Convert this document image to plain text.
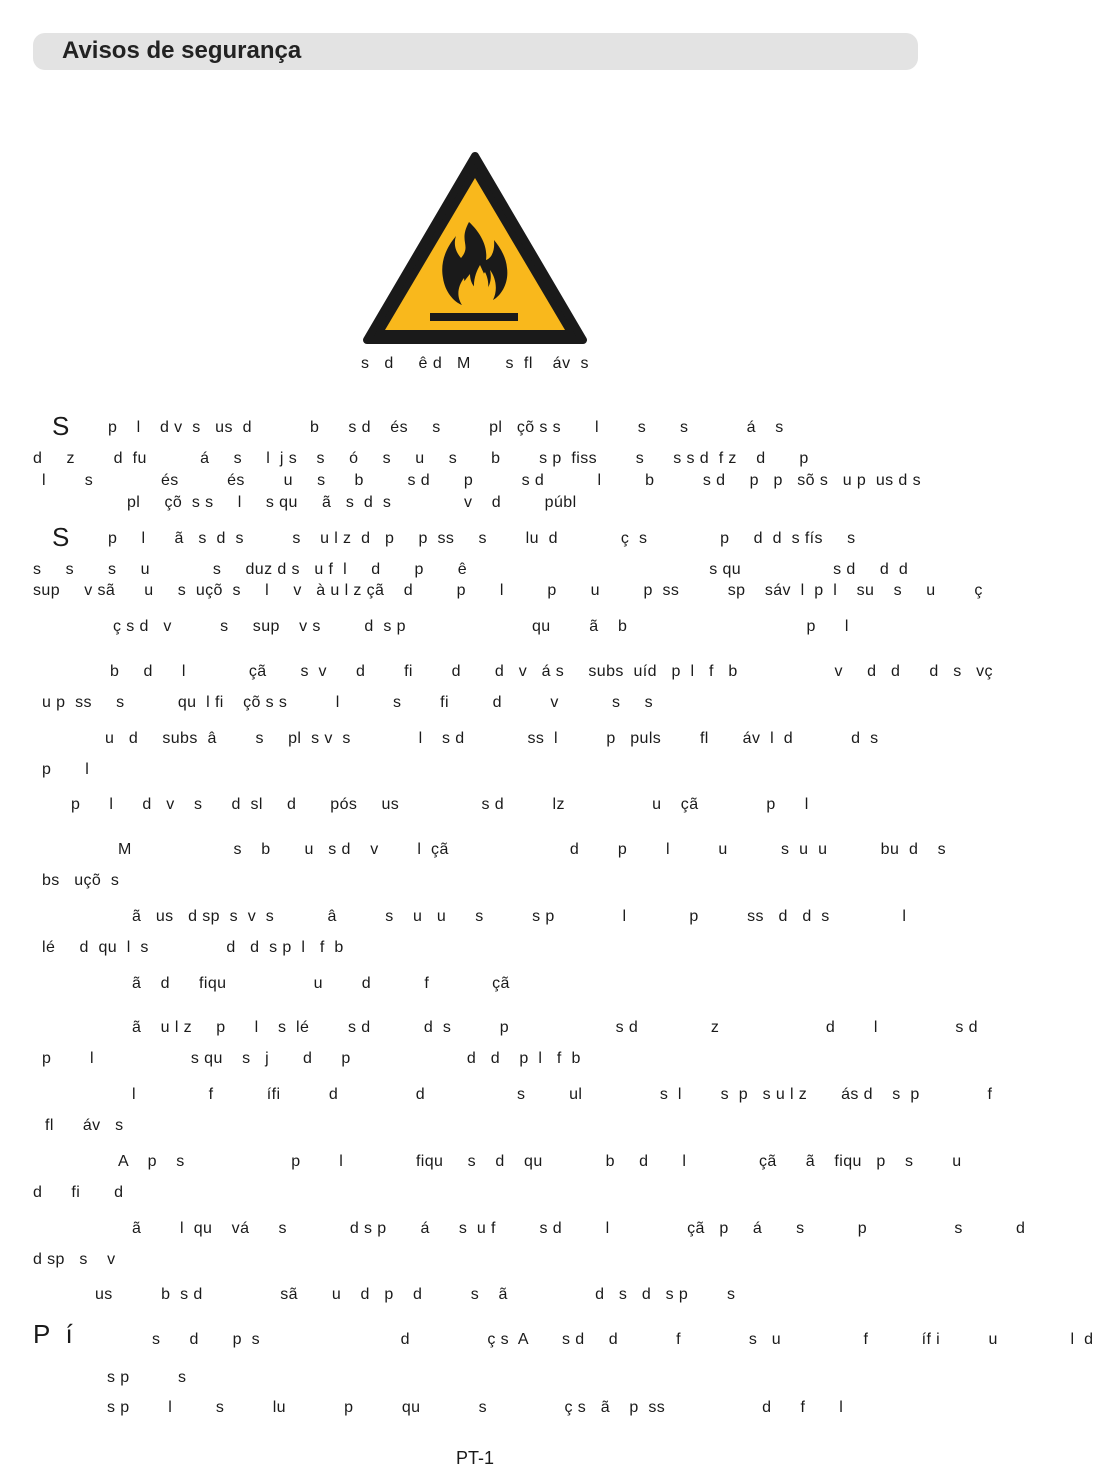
Avisos de segurança
s   d     ê d   M       s  fl    áv  s
S p    l    d v  s   us  d            b      s d    és     s          pl   çõ s s       l        s       s            á    s
d     z        d  fu           á     s     l  j s    s     ó     s     u     s       b        s p  fiss        s      s s d  f z    d       p
l        s              és          és        u     s      b         s d       p          s d           l         b          s d     p   p   sõ s   u p  us d s
pl     çõ  s s     l     s qu     ã   s  d  s               v    d         públ
S p     l      ã   s  d  s          s    u l z  d   p     p  ss     s        lu  d             ç  s               p     d  d  s fís     s
s     s       s     u             s     duz d s   u f  l     d       p       ê                                                  s qu                   s d     d  d
sup     v sã      u     s  uçõ  s     l     v   à u l z çã    d         p       l         p       u         p  ss          sp    sáv  l  p  l    su    s     u        ç
ç s d   v          s     sup    v s         d  s p                          qu        ã    b                                     p      l
b     d      l             çã       s  v      d        fi        d       d   v   á s     subs  uíd   p  l   f   b                    v     d   d      d   s   vç
u p  ss     s           qu  l fi    çõ s s          l           s        fi         d          v           s     s
u   d     subs  â        s     pl  s v  s              l    s d             ss  l          p   puls        fl       áv  l  d            d  s
p       l
p      l      d   v    s      d  sl     d       pós     us                 s d          lz                  u    çã              p      l
M                     s    b       u   s d    v        l  çã                         d        p        l          u           s  u  u           bu  d    s
bs   uçõ  s
ã   us   d sp  s  v  s           â          s    u   u      s          s p              l             p          ss   d   d  s               l
lé     d  qu  l  s                d   d  s p  l   f  b
ã    d      fiqu                  u        d           f             çã
ã    u l z     p      l    s  lé        s d           d  s          p                      s d               z                      d        l                s d
p        l                    s qu    s   j       d      p                        d   d    p  l   f  b
l               f           ífi          d                d                   s         ul                s  l        s  p   s u l z       ás d    s  p              f
fl      áv   s
A    p    s                      p        l               fiqu     s    d    qu             b     d       l               çã      ã    fiqu   p    s        u
d      fi       d
ã        l  qu    vá      s             d s p       á      s  u f         s d         l                çã   p     á       s           p                  s           d
d sp   s    v
us          b  s d                sã       u    d   p    d          s    ã                  d   s   d   s p        s
P  í	s      d       p  s                             d                ç s  A       s d     d            f              s   u                 f           íf i          u               l  d
s p          s
s p        l         s          lu            p          qu            s                ç s   ã    p  ss                    d      f       l
PT-1
